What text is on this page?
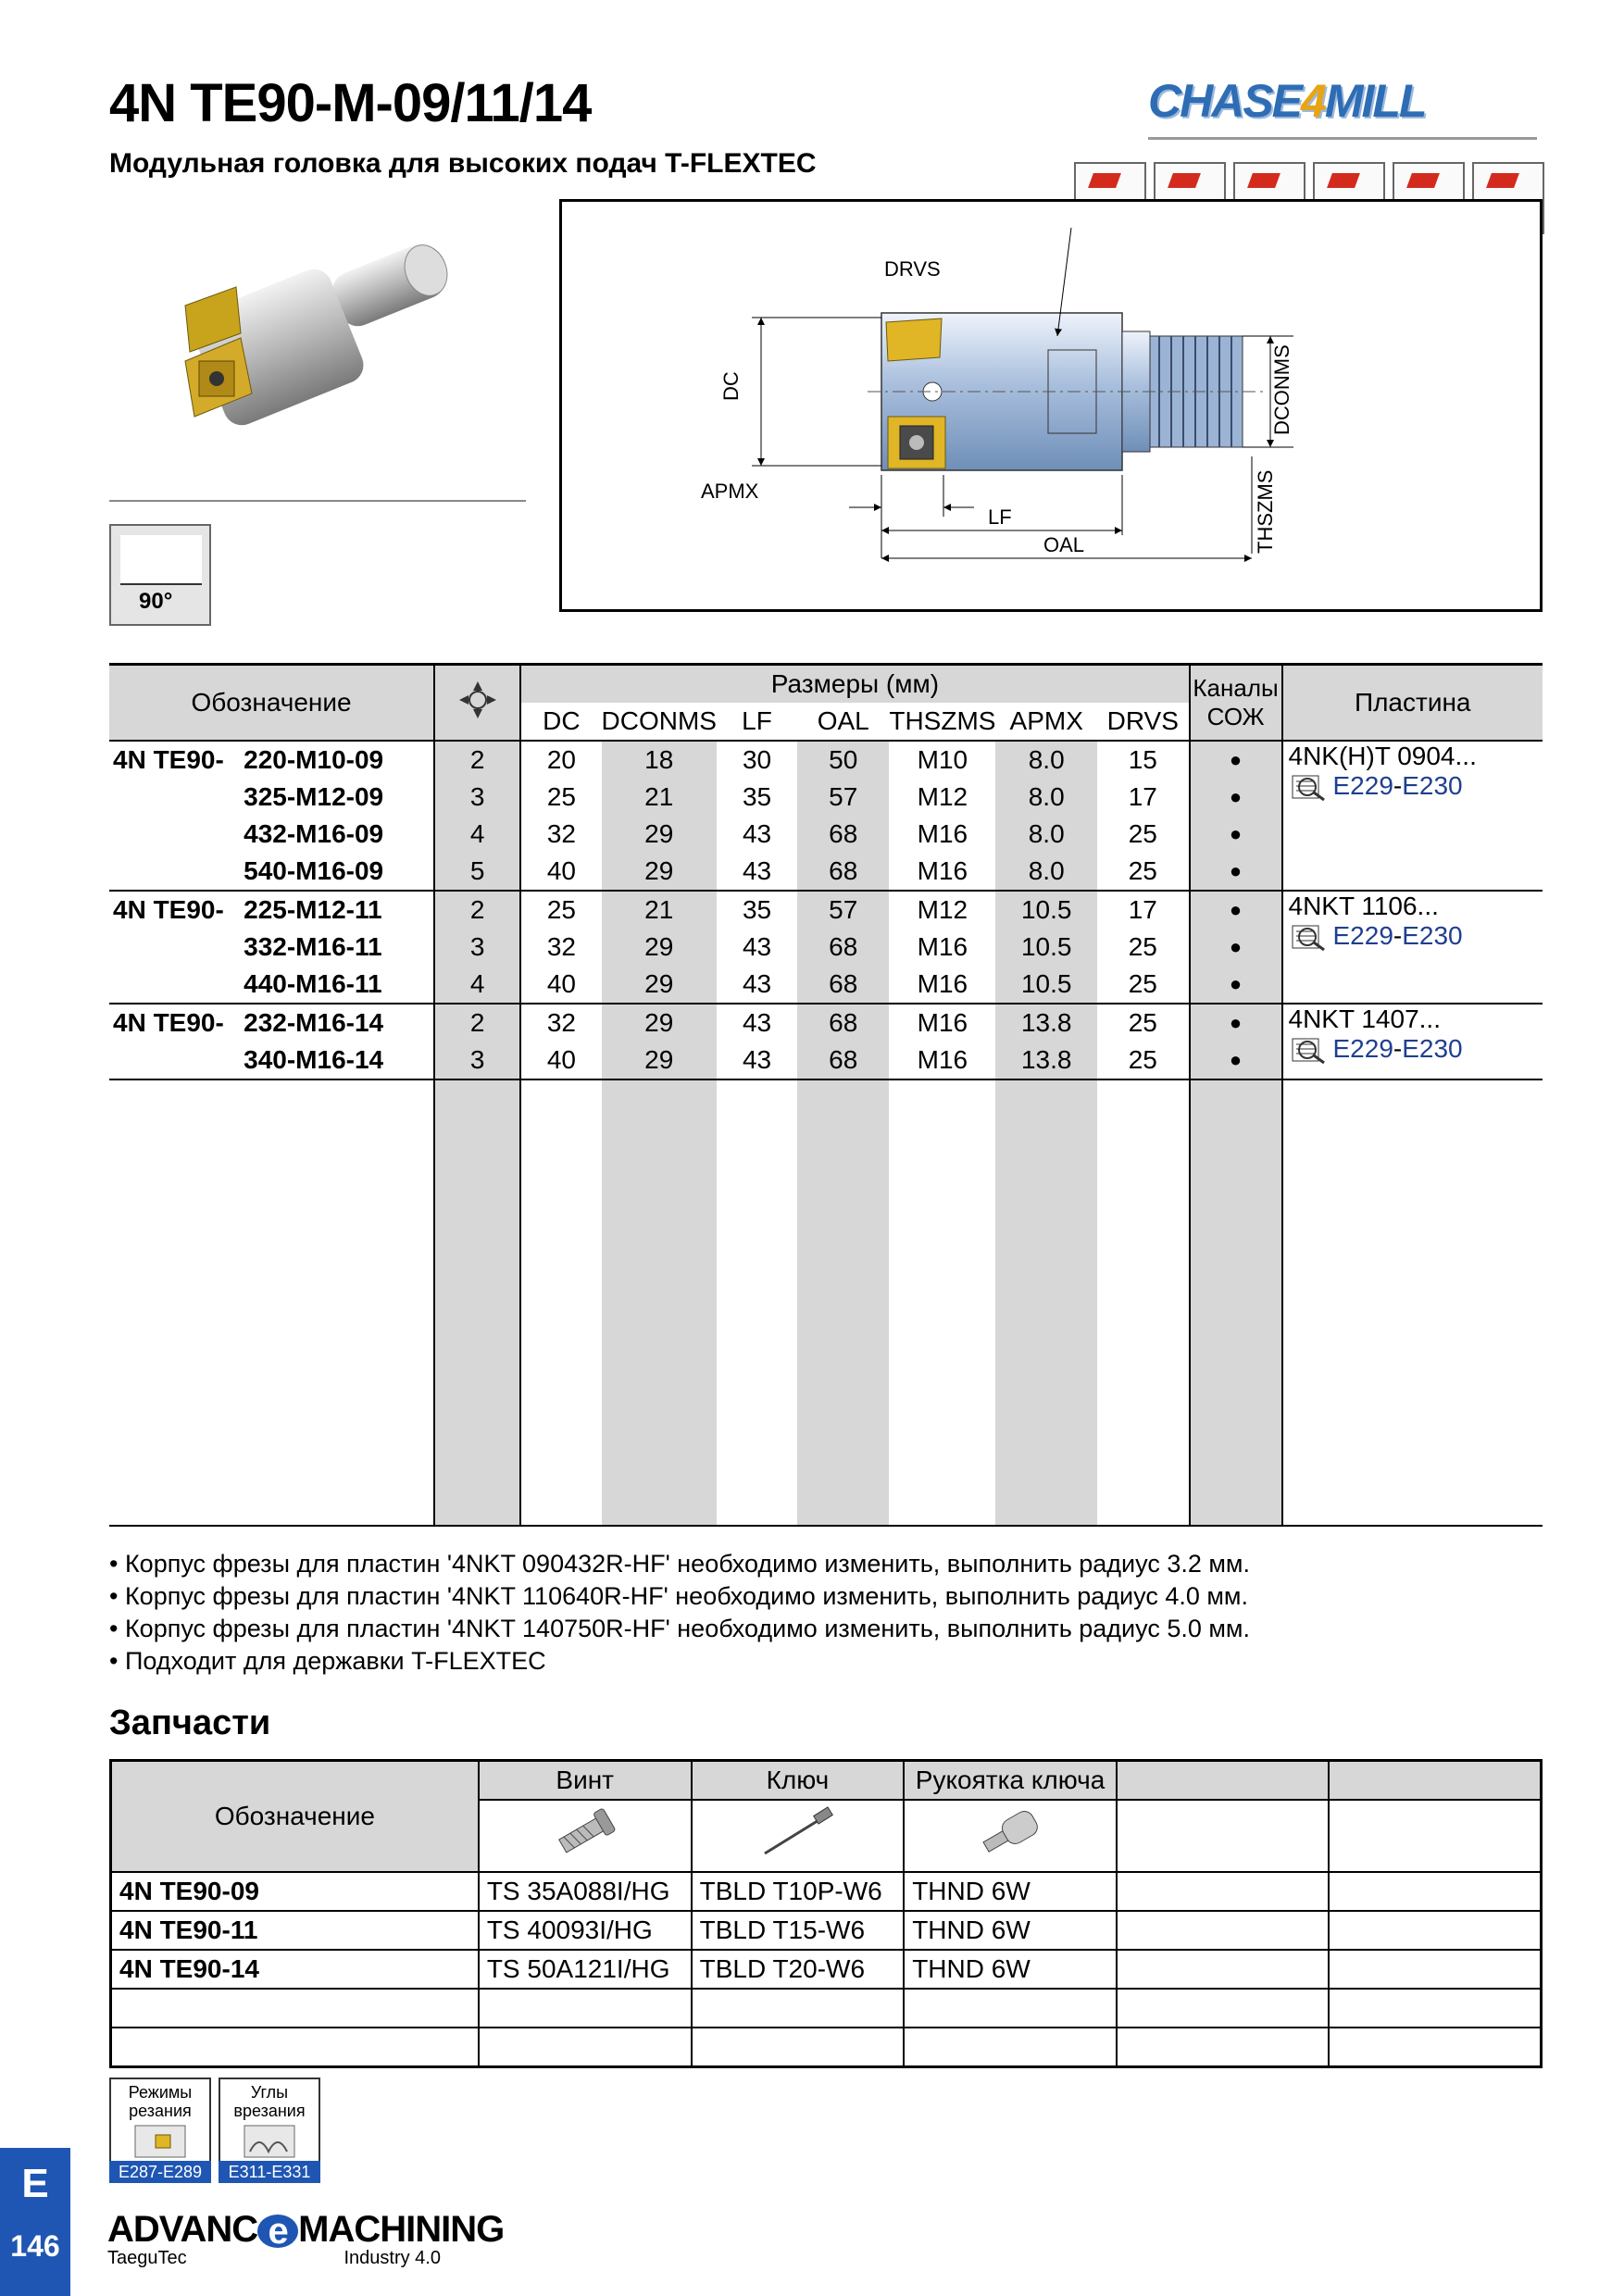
4N TE90-M-09/11/14
Модульная головка для высоких подач T-FLEXTEC
CHASE4MILL
90°
DRVS
DC	DCONMS
THSZMS
APMX
LF
OAL
Обозначение			Размеры (мм)							Каналы СОЖ	Пластина
			DC	DCONMS	LF	OAL	THSZMS	APMX	DRVS		
4N TE90-	220-M10-09	2	20	18	30	50	M10	8.0	15	●	4NK(H)T 0904...
E229-E230

	325-M12-09	3	25	21	35	57	M12	8.0	17	●	
	432-M16-09	4	32	29	43	68	M16	8.0	25	●	
	540-M16-09	5	40	29	43	68	M16	8.0	25	●	
4N TE90-	225-M12-11	2	25	21	35	57	M12	10.5	17	●	4NKT 1106...
E229-E230

	332-M16-11	3	32	29	43	68	M16	10.5	25	●	
	440-M16-11	4	40	29	43	68	M16	10.5	25	●	
4N TE90-	232-M16-14	2	32	29	43	68	M16	13.8	25	●	4NKT 1407...
E229-E230

	340-M16-14	3	40	29	43	68	M16	13.8	25	●	

• Корпус фрезы для пластин '4NKT 090432R-HF' необходимо изменить, выполнить радиус 3.2 мм.
• Корпус фрезы для пластин '4NKT 110640R-HF' необходимо изменить, выполнить радиус 4.0 мм.
• Корпус фрезы для пластин '4NKT 140750R-HF' необходимо изменить, выполнить радиус 5.0 мм.
• Подходит для державки T-FLEXTEC
Запчасти
Обозначение	Винт	Ключ	Рукоятка ключа		

4N TE90-09	TS 35A088I/HG	TBLD T10P-W6	THND 6W		
4N TE90-11	TS 40093I/HG	TBLD T15-W6	THND 6W		
4N TE90-14	TS 50A121I/HG	TBLD T20-W6	THND 6W		

Режимы резания
E287-E289
Углы врезания
E311-E331
E
146 ADVANC e MACHINING
TaeguTec	Industry 4.0
